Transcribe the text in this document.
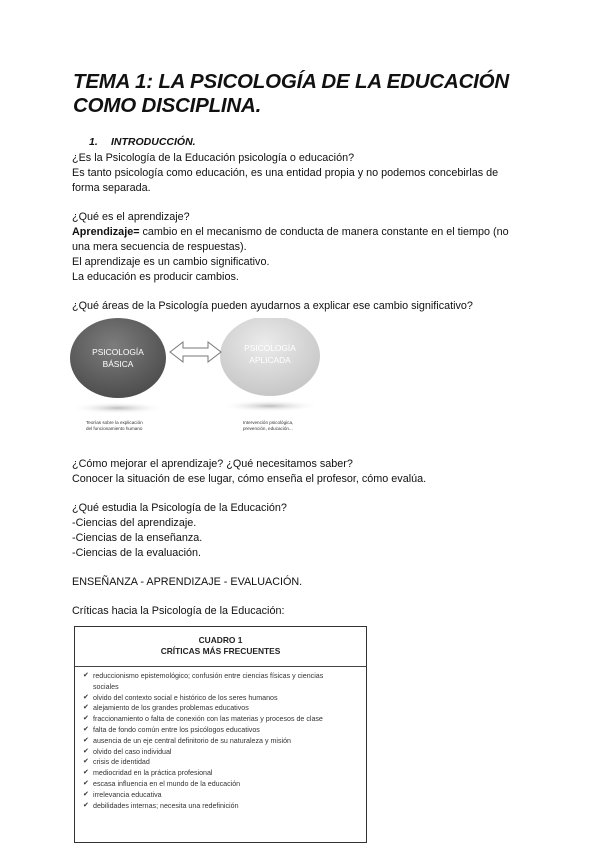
TEMA 1: LA PSICOLOGÍA DE LA EDUCACIÓN
COMO DISCIPLINA.
1. INTRODUCCIÓN.
¿Es la Psicología de la Educación psicología o educación?
Es tanto psicología como educación, es una entidad propia y no podemos concebirlas de
forma separada.
¿Qué es el aprendizaje?
Aprendizaje= cambio en el mecanismo de conducta de manera constante en el tiempo (no
una mera secuencia de respuestas).
El aprendizaje es un cambio significativo.
La educación es producir cambios.
¿Qué áreas de la Psicología pueden ayudarnos a explicar ese cambio significativo?
PSICOLOGÍA
BÁSICA
PSICOLOGÍA
APLICADA
Teorías sobre la explicación
del funcionamiento humano
Intervención psicológica,
prevención, educación...
¿Cómo mejorar el aprendizaje? ¿Qué necesitamos saber?
Conocer la situación de ese lugar, cómo enseña el profesor, cómo evalúa.
¿Qué estudia la Psicología de la Educación?
-Ciencias del aprendizaje.
-Ciencias de la enseñanza.
-Ciencias de la evaluación.
ENSEÑANZA - APRENDIZAJE - EVALUACIÓN.
Críticas hacia la Psicología de la Educación:
CUADRO 1
CRÍTICAS MÁS FRECUENTES
✔ reduccionismo epistemológico; confusión entre ciencias físicas y ciencias
sociales
✔ olvido del contexto social e histórico de los seres humanos
✔ alejamiento de los grandes problemas educativos
✔ fraccionamiento o falta de conexión con las materias y procesos de clase
✔ falta de fondo común entre los psicólogos educativos
✔ ausencia de un eje central definitorio de su naturaleza y misión
✔ olvido del caso individual
✔ crisis de identidad
✔ mediocridad en la práctica profesional
✔ escasa influencia en el mundo de la educación
✔ irrelevancia educativa
✔ debilidades internas; necesita una redefinición
